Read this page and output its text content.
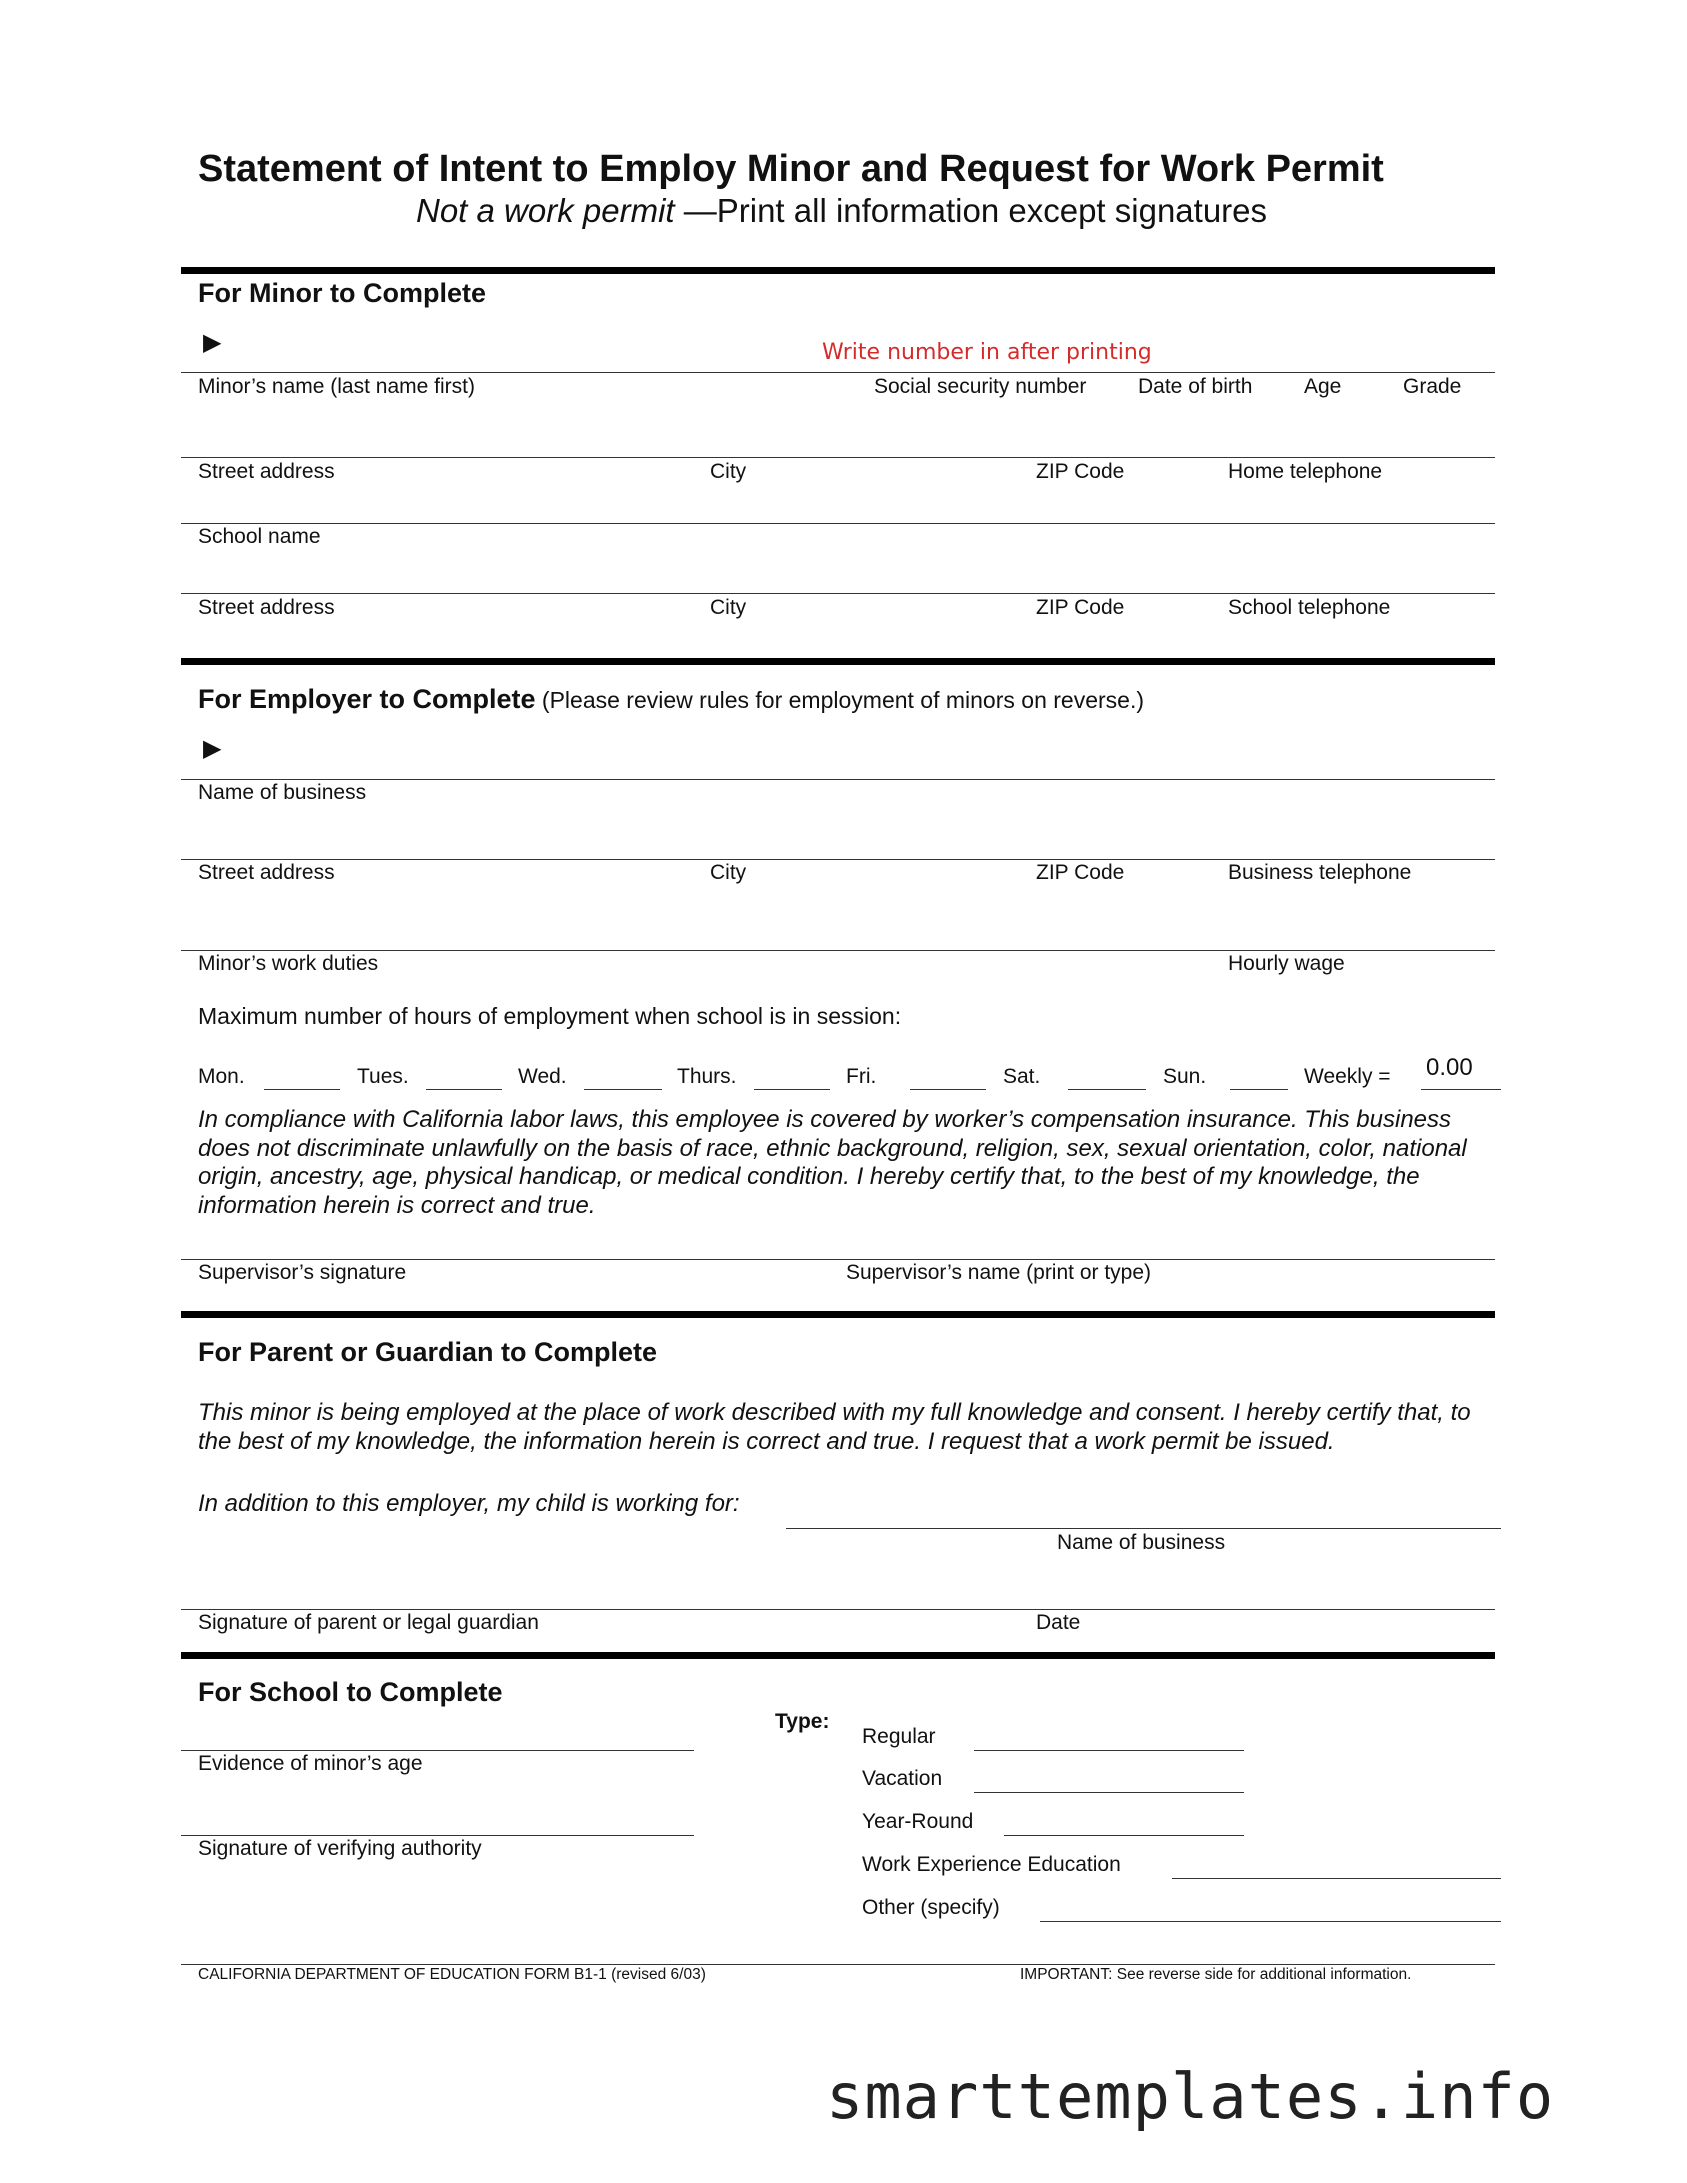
Statement of Intent to Employ Minor and Request for Work Permit
Not a work permit —Print all information except signatures
For Minor to Complete
▶	Write number in after printing
Minor’s name (last name first)	Social security number Date of birth Age	Grade
Street address	City	ZIP Code	Home telephone
School name
Street address	City	ZIP Code	School telephone
For Employer to Complete (Please review rules for employment of minors on reverse.)
▶
Name of business
Street address	City	ZIP Code	Business telephone
Minor’s work duties	Hourly wage
Maximum number of hours of employment when school is in session:
Mon.	Tues.	Wed.	Thurs.	Fri.	Sat.	Sun.	Weekly = 0.00
In compliance with California labor laws, this employee is covered by worker’s compensation insurance. This business does not discriminate unlawfully on the basis of race, ethnic background, religion, sex, sexual orientation, color, national origin, ancestry, age, physical handicap, or medical condition. I hereby certify that, to the best of my knowledge, the information herein is correct and true.
Supervisor’s signature	Supervisor’s name (print or type)
For Parent or Guardian to Complete
This minor is being employed at the place of work described with my full knowledge and consent. I hereby certify that, to the best of my knowledge, the information herein is correct and true. I request that a work permit be issued.
In addition to this employer, my child is working for:
Name of business
Signature of parent or legal guardian	Date
For School to Complete
Evidence of minor’s age
Signature of verifying authority
Type:
Regular
Vacation
Year-Round
Work Experience Education
Other (specify)
CALIFORNIA DEPARTMENT OF EDUCATION FORM B1-1 (revised 6/03)	IMPORTANT: See reverse side for additional information.
smarttemplates.info
